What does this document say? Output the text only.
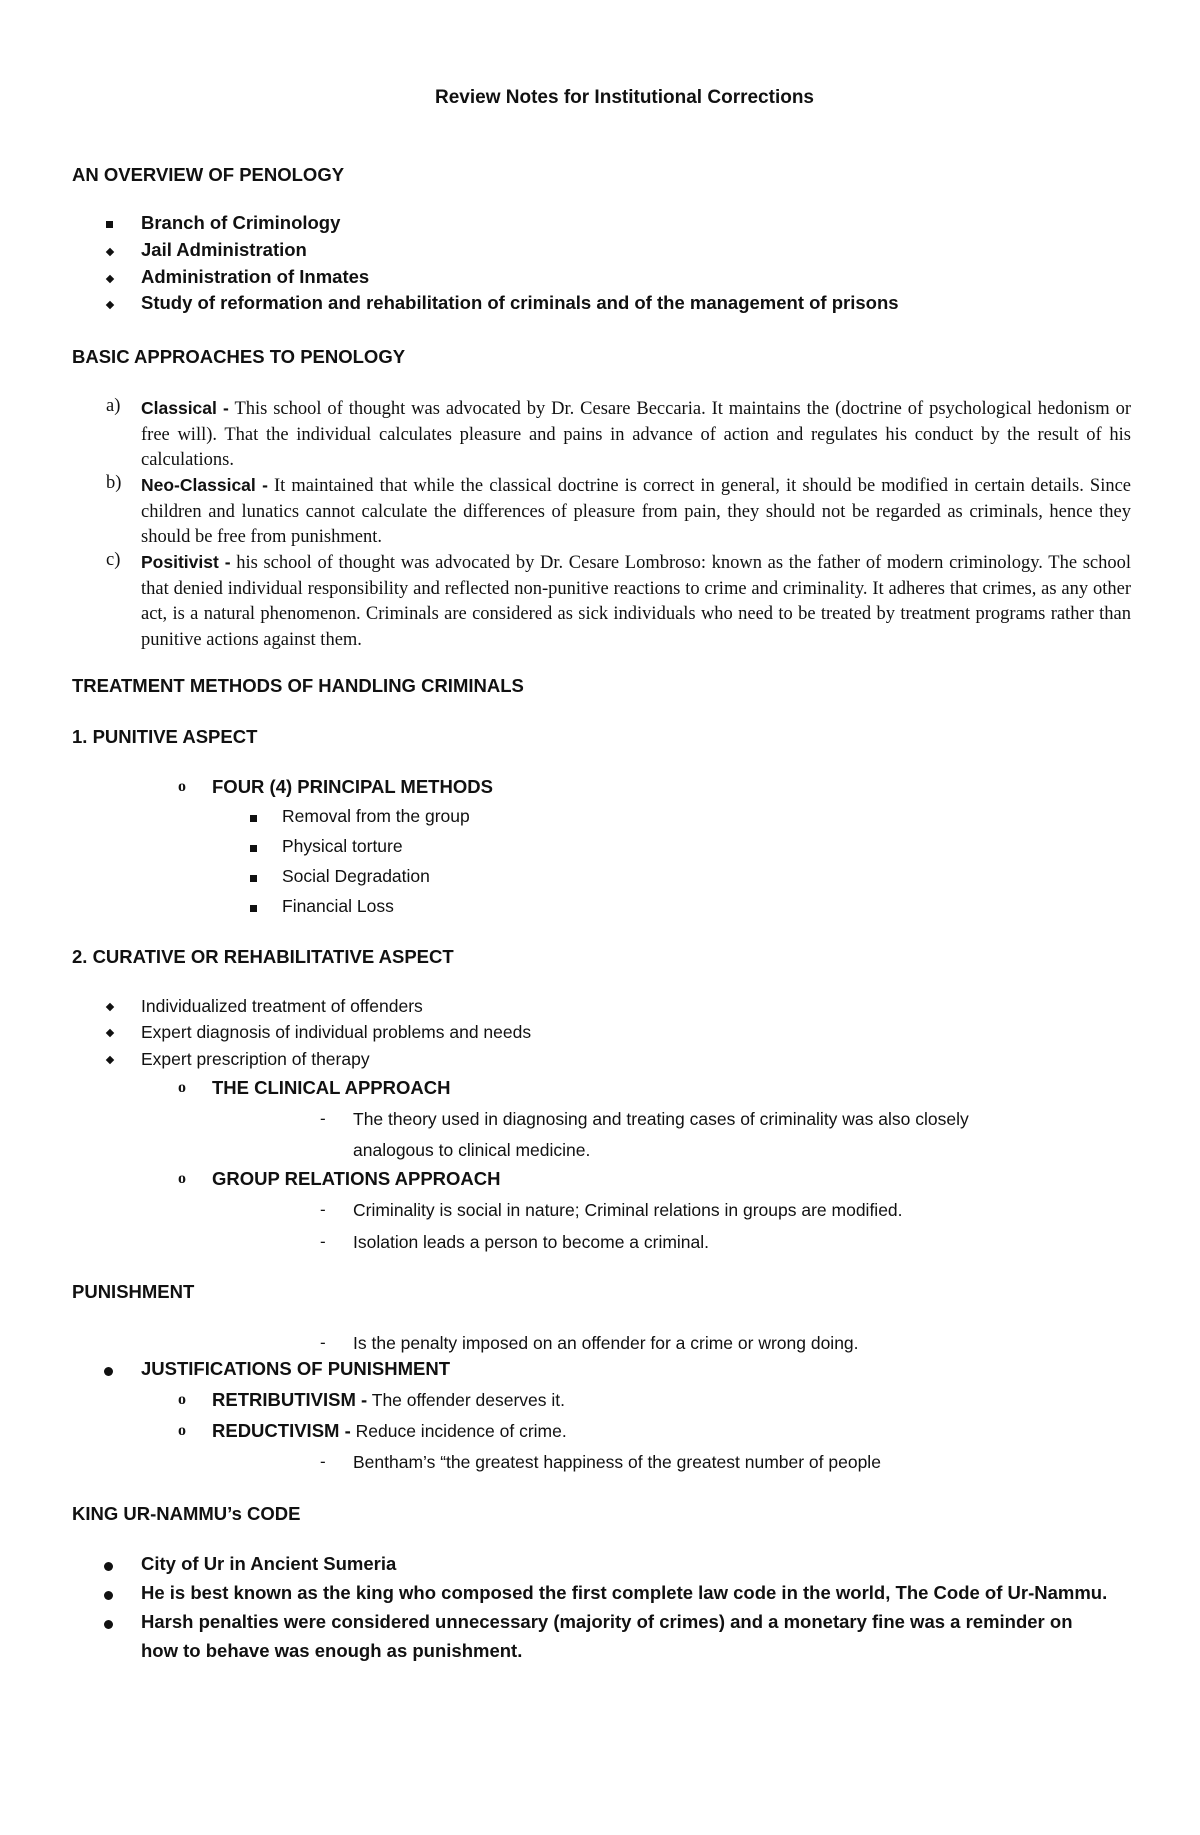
Review Notes for Institutional Corrections
AN OVERVIEW OF PENOLOGY
Branch of Criminology
Jail Administration
Administration of Inmates
Study of reformation and rehabilitation of criminals and of the management of prisons
BASIC APPROACHES TO PENOLOGY
a) Classical - This school of thought was advocated by Dr. Cesare Beccaria. It maintains the (doctrine of psychological hedonism or free will). That the individual calculates pleasure and pains in advance of action and regulates his conduct by the result of his calculations.
b) Neo-Classical - It maintained that while the classical doctrine is correct in general, it should be modified in certain details. Since children and lunatics cannot calculate the differences of pleasure from pain, they should not be regarded as criminals, hence they should be free from punishment.
c) Positivist - his school of thought was advocated by Dr. Cesare Lombroso: known as the father of modern criminology. The school that denied individual responsibility and reflected non-punitive reactions to crime and criminality. It adheres that crimes, as any other act, is a natural phenomenon. Criminals are considered as sick individuals who need to be treated by treatment programs rather than punitive actions against them.
TREATMENT METHODS OF HANDLING CRIMINALS
1. PUNITIVE ASPECT
o FOUR (4) PRINCIPAL METHODS
Removal from the group
Physical torture
Social Degradation
Financial Loss
2. CURATIVE OR REHABILITATIVE ASPECT
Individualized treatment of offenders
Expert diagnosis of individual problems and needs
Expert prescription of therapy
o THE CLINICAL APPROACH
- The theory used in diagnosing and treating cases of criminality was also closely
analogous to clinical medicine.
o GROUP RELATIONS APPROACH
- Criminality is social in nature; Criminal relations in groups are modified.
- Isolation leads a person to become a criminal.
PUNISHMENT
- Is the penalty imposed on an offender for a crime or wrong doing.
JUSTIFICATIONS OF PUNISHMENT
o RETRIBUTIVISM - The offender deserves it.
o REDUCTIVISM - Reduce incidence of crime.
- Bentham’s “the greatest happiness of the greatest number of people
KING UR-NAMMU’s CODE
City of Ur in Ancient Sumeria
He is best known as the king who composed the first complete law code in the world, The Code of Ur-Nammu.
Harsh penalties were considered unnecessary (majority of crimes) and a monetary fine was a reminder on
how to behave was enough as punishment.
